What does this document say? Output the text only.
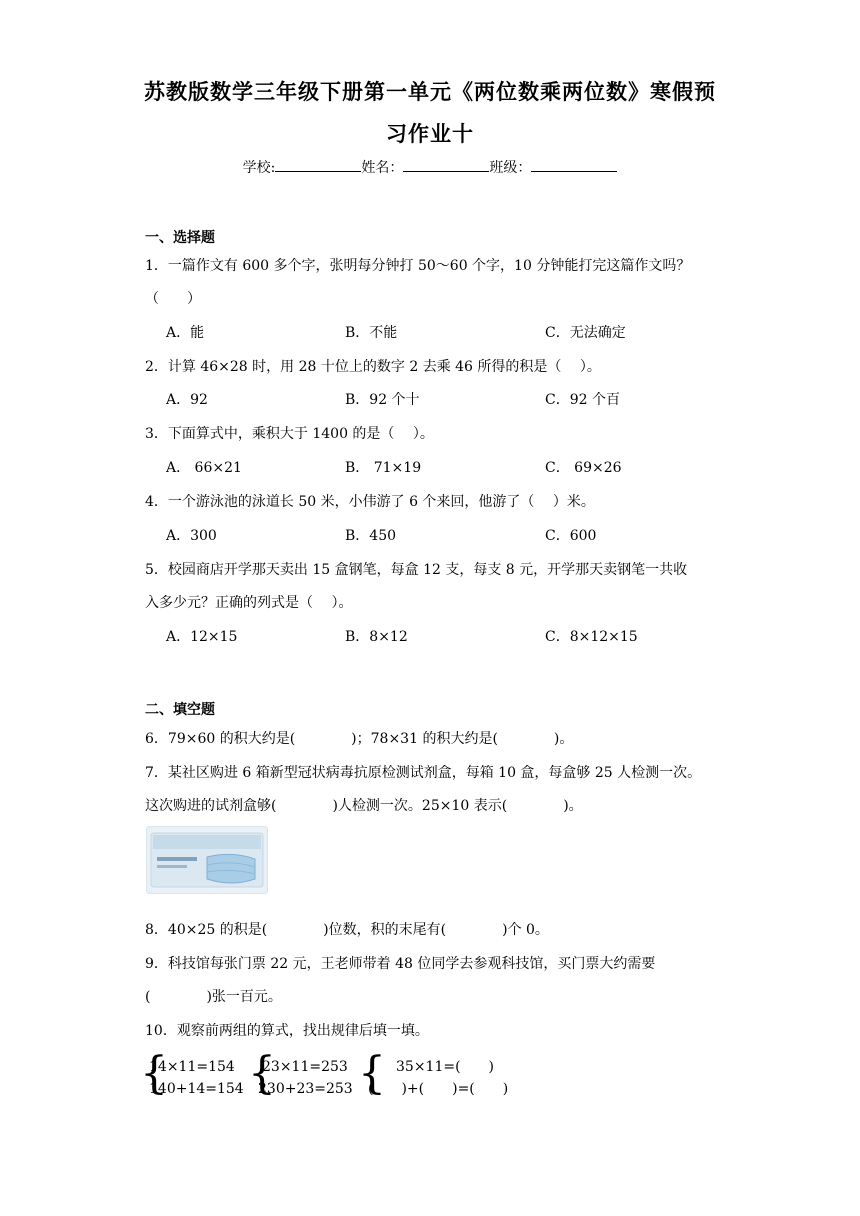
苏教版数学三年级下册第一单元《两位数乘两位数》寒假预
习作业十
学校:	姓名：	班级：
一、选择题
1．一篇作文有 600 多个字，张明每分钟打 50～60 个字，10 分钟能打完这篇作文吗？
（　　）
A．能	B．不能	C．无法确定
2．计算 46×28 时，用 28 十位上的数字 2 去乘 46 所得的积是（　 ）。
A．92	B．92 个十	C．92 个百
3．下面算式中，乘积大于 1400 的是（　 ）。
A． 66×21	B． 71×19	C． 69×26
4．一个游泳池的泳道长 50 米，小伟游了 6 个来回，他游了（　 ）米。
A．300	B．450	C．600
5．校园商店开学那天卖出 15 盒钢笔，每盒 12 支，每支 8 元，开学那天卖钢笔一共收
入多少元？正确的列式是（　 ）。
A．12×15	B．8×12	C．8×12×15
二、填空题
6．79×60 的积大约是(　　　　)；78×31 的积大约是(　　　　)。
7．某社区购进 6 箱新型冠状病毒抗原检测试剂盒，每箱 10 盒，每盒够 25 人检测一次。
这次购进的试剂盒够(　　　　)人检测一次。25×10 表示(　　　　)。
8．40×25 的积是(　　　　)位数，积的末尾有(　　　　)个 0。
9．科技馆每张门票 22 元，王老师带着 48 位同学去参观科技馆，买门票大约需要
(　　　　)张一百元。
10．观察前两组的算式，找出规律后填一填。
{
14×11=154
140+14=154 {
23×11=253
230+23=253 { 35×11=(　　)
(　　)+(　　)=(　　)
